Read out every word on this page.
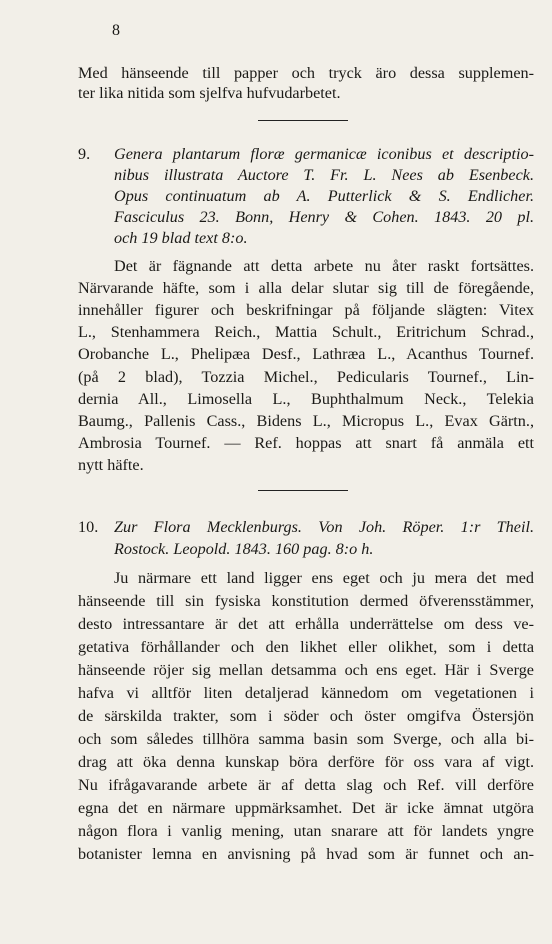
8
Med hänseende till papper och tryck äro dessa supplemen-
ter lika nitida som sjelfva hufvudarbetet.
9.	Genera plantarum floræ germanicæ iconibus et descriptio-
nibus illustrata Auctore T. Fr. L. Nees ab Esenbeck.
Opus continuatum ab A. Putterlick & S. Endlicher.
Fasciculus 23. Bonn, Henry & Cohen. 1843. 20 pl.
och 19 blad text 8:o.
Det är fägnande att detta arbete nu åter raskt fortsättes.
Närvarande häfte, som i alla delar slutar sig till de föregående,
innehåller figurer och beskrifningar på följande slägten: Vitex
L., Stenhammera Reich., Mattia Schult., Eritrichum Schrad.,
Orobanche L., Phelipæa Desf., Lathræa L., Acanthus Tournef.
(på 2 blad), Tozzia Michel., Pedicularis Tournef., Lin-
dernia All., Limosella L., Buphthalmum Neck., Telekia
Baumg., Pallenis Cass., Bidens L., Micropus L., Evax Gärtn.,
Ambrosia Tournef. — Ref. hoppas att snart få anmäla ett
nytt häfte.
10. Zur Flora Mecklenburgs. Von Joh. Röper. 1:r Theil.
Rostock. Leopold. 1843. 160 pag. 8:o h.
Ju närmare ett land ligger ens eget och ju mera det med
hänseende till sin fysiska konstitution dermed öfverensstämmer,
desto intressantare är det att erhålla underrättelse om dess ve-
getativa förhållander och den likhet eller olikhet, som i detta
hänseende röjer sig mellan detsamma och ens eget. Här i Sverge
hafva vi alltför liten detaljerad kännedom om vegetationen i
de särskilda trakter, som i söder och öster omgifva Östersjön
och som således tillhöra samma basin som Sverge, och alla bi-
drag att öka denna kunskap böra derföre för oss vara af vigt.
Nu ifrågavarande arbete är af detta slag och Ref. vill derföre
egna det en närmare uppmärksamhet. Det är icke ämnat utgöra
någon flora i vanlig mening, utan snarare att för landets yngre
botanister lemna en anvisning på hvad som är funnet och an-
